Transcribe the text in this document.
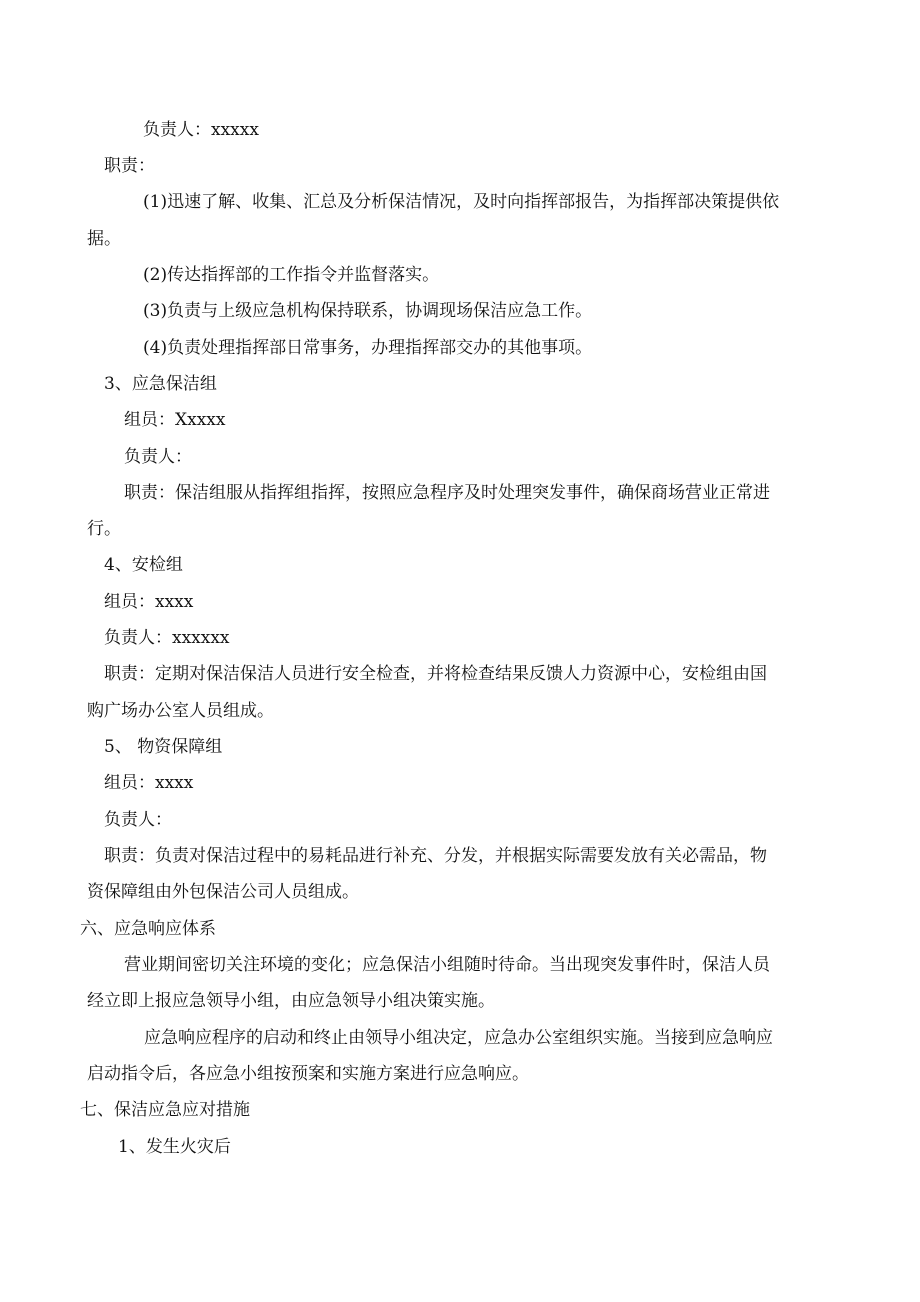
负责人：xxxxx
职责：
(1)迅速了解、收集、汇总及分析保洁情况，及时向指挥部报告，为指挥部决策提供依
据。
(2)传达指挥部的工作指令并监督落实。
(3)负责与上级应急机构保持联系，协调现场保洁应急工作。
(4)负责处理指挥部日常事务，办理指挥部交办的其他事项。
3、应急保洁组
组员：Xxxxx
负责人：
职责：保洁组服从指挥组指挥，按照应急程序及时处理突发事件，确保商场营业正常进
行。
4、安检组
组员：xxxx
负责人：xxxxxx
职责：定期对保洁保洁人员进行安全检查，并将检查结果反馈人力资源中心，安检组由国
购广场办公室人员组成。
5、 物资保障组
组员：xxxx
负责人：
职责：负责对保洁过程中的易耗品进行补充、分发，并根据实际需要发放有关必需品，物
资保障组由外包保洁公司人员组成。
六、应急响应体系
营业期间密切关注环境的变化；应急保洁小组随时待命。当出现突发事件时，保洁人员
经立即上报应急领导小组，由应急领导小组决策实施。
应急响应程序的启动和终止由领导小组决定，应急办公室组织实施。当接到应急响应
启动指令后，各应急小组按预案和实施方案进行应急响应。
七、保洁应急应对措施
1、发生火灾后
